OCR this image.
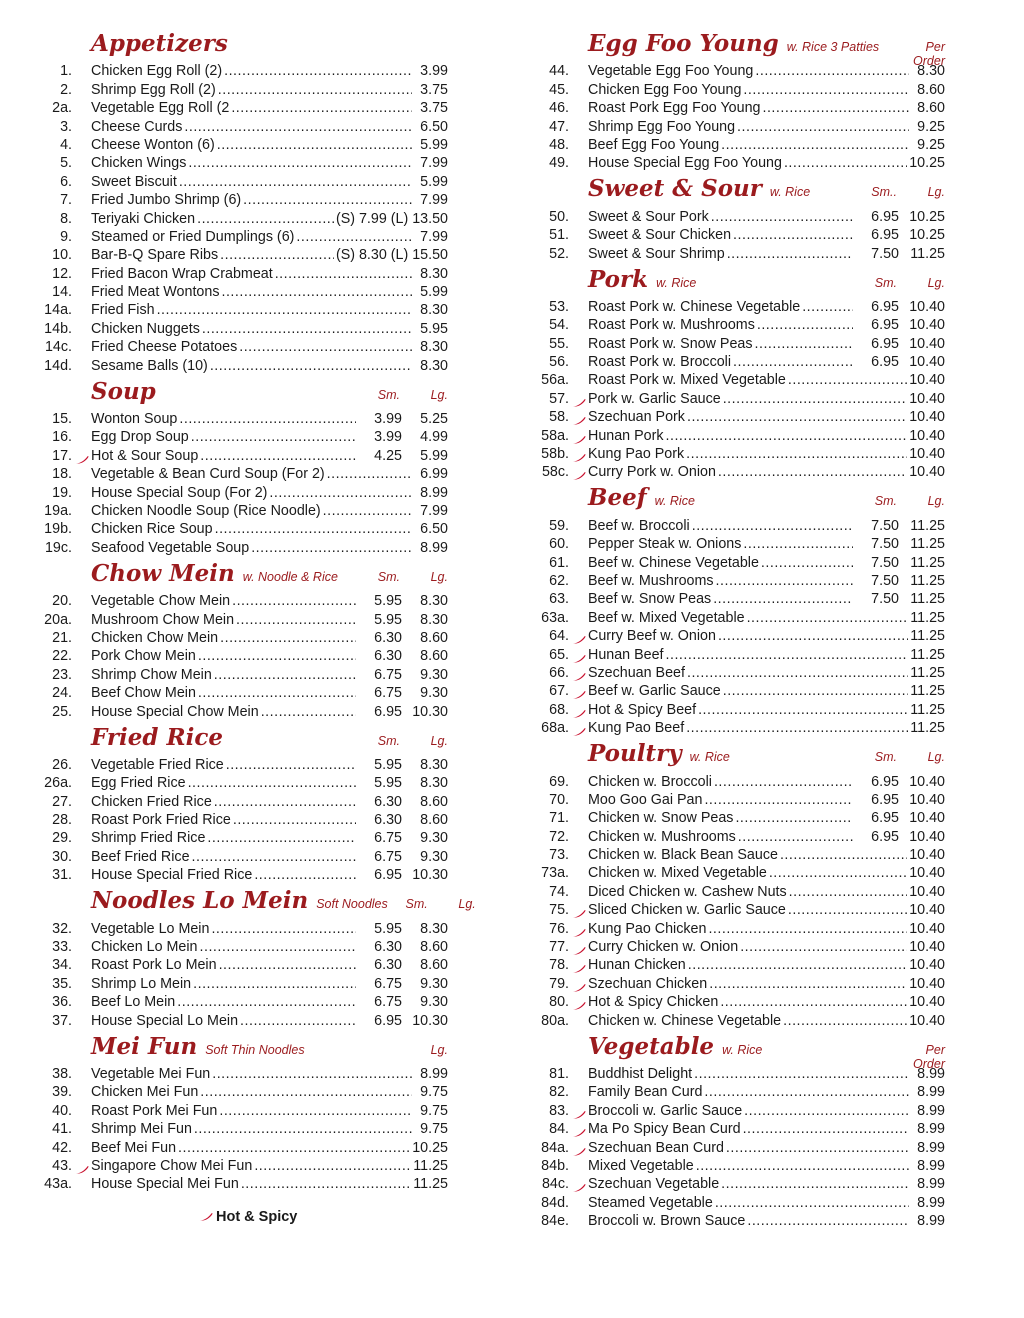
Appetizers
1. Chicken Egg Roll (2) .....	3.99
2. Shrimp Egg Roll (2) .....	3.75
2a. Vegetable Egg Roll (2 .....	3.75
3. Cheese Curds .....	6.50
4. Cheese Wonton (6) .....	5.99
5. Chicken Wings .....	7.99
6. Sweet Biscuit .....	5.99
7. Fried Jumbo Shrimp (6) .....	7.99
8. Teriyaki Chicken .....	(S) 7.99 (L) 13.50
9. Steamed or Fried Dumplings (6) .....	7.99
10. Bar-B-Q Spare Ribs .....	(S) 8.30 (L) 15.50
12. Fried Bacon Wrap Crabmeat .....	8.30
14. Fried Meat Wontons .....	5.99
14a. Fried Fish .....	8.30
14b. Chicken Nuggets .....	5.95
14c. Fried Cheese Potatoes .....	8.30
14d. Sesame Balls (10) .....	8.30
Soup	Sm.	Lg.
15. Wonton Soup .....	3.99	5.25
16. Egg Drop Soup .....	3.99	4.99
17. Hot & Sour Soup .....	4.25	5.99
18. Vegetable & Bean Curd Soup (For 2) .....	6.99
19. House Special Soup (For 2) .....	8.99
19a. Chicken Noodle Soup (Rice Noodle) .....	7.99
19b. Chicken Rice Soup .....	6.50
19c. Seafood Vegetable Soup .....	8.99
Chow Mein w. Noodle & Rice	Sm.	Lg.
20. Vegetable Chow Mein .....	5.95	8.30
20a. Mushroom Chow Mein .....	5.95	8.30
21. Chicken Chow Mein .....	6.30	8.60
22. Pork Chow Mein .....	6.30	8.60
23. Shrimp Chow Mein .....	6.75	9.30
24. Beef Chow Mein .....	6.75	9.30
25. House Special Chow Mein .....	6.95 10.30
Fried Rice	Sm.	Lg.
26. Vegetable Fried Rice .....	5.95	8.30
26a. Egg Fried Rice .....	5.95	8.30
27. Chicken Fried Rice .....	6.30	8.60
28. Roast Pork Fried Rice .....	6.30	8.60
29. Shrimp Fried Rice .....	6.75	9.30
30. Beef Fried Rice .....	6.75	9.30
31. House Special Fried Rice .....	6.95 10.30
Noodles Lo Mein Soft Noodles	Sm.	Lg.
32. Vegetable Lo Mein .....	5.95	8.30
33. Chicken Lo Mein .....	6.30	8.60
34. Roast Pork Lo Mein .....	6.30	8.60
35. Shrimp Lo Mein .....	6.75	9.30
36. Beef Lo Mein .....	6.75	9.30
37. House Special Lo Mein .....	6.95 10.30
Mei Fun Soft Thin Noodles	Lg.
38. Vegetable Mei Fun .....	8.99
39. Chicken Mei Fun .....	9.75
40. Roast Pork Mei Fun .....	9.75
41. Shrimp Mei Fun .....	9.75
42. Beef Mei Fun .....	10.25
43. Singapore Chow Mei Fun .....	11.25
43a. House Special Mei Fun .....	11.25
Egg Foo Young w. Rice 3 Patties	Per Order
44. Vegetable Egg Foo Young .....	8.30
45. Chicken Egg Foo Young .....	8.60
46. Roast Pork Egg Foo Young .....	8.60
47. Shrimp Egg Foo Young .....	9.25
48. Beef Egg Foo Young .....	9.25
49. House Special Egg Foo Young .....	10.25
Sweet & Sour w. Rice	Sm..	Lg.
50. Sweet & Sour Pork .....	6.95 10.25
51. Sweet & Sour Chicken .....	6.95 10.25
52. Sweet & Sour Shrimp .....	7.50 11.25
Pork w. Rice	Sm.	Lg.
53. Roast Pork w. Chinese Vegetable .....	6.95 10.40
54. Roast Pork w. Mushrooms .....	6.95 10.40
55. Roast Pork w. Snow Peas .....	6.95 10.40
56. Roast Pork w. Broccoli .....	6.95 10.40
56a. Roast Pork w. Mixed Vegetable .....	10.40
57. Pork w. Garlic Sauce .....	10.40
58. Szechuan Pork .....	10.40
58a. Hunan Pork .....	10.40
58b. Kung Pao Pork .....	10.40
58c. Curry Pork w. Onion .....	10.40
Beef w. Rice	Sm.	Lg.
59. Beef w. Broccoli .....	7.50 11.25
60. Pepper Steak w. Onions .....	7.50 11.25
61. Beef w. Chinese Vegetable .....	7.50 11.25
62. Beef w. Mushrooms .....	7.50 11.25
63. Beef w. Snow Peas .....	7.50 11.25
63a. Beef w. Mixed Vegetable .....	11.25
64. Curry Beef w. Onion .....	11.25
65. Hunan Beef .....	11.25
66. Szechuan Beef .....	11.25
67. Beef w. Garlic Sauce .....	11.25
68. Hot & Spicy Beef .....	11.25
68a. Kung Pao Beef .....	11.25
Poultry w. Rice	Sm.	Lg.
69. Chicken w. Broccoli .....	6.95 10.40
70. Moo Goo Gai Pan .....	6.95 10.40
71. Chicken w. Snow Peas .....	6.95 10.40
72. Chicken w. Mushrooms .....	6.95 10.40
73. Chicken w. Black Bean Sauce .....	10.40
73a. Chicken w. Mixed Vegetable .....	10.40
74. Diced Chicken w. Cashew Nuts .....	10.40
75. Sliced Chicken w. Garlic Sauce .....	10.40
76. Kung Pao Chicken .....	10.40
77. Curry Chicken w. Onion .....	10.40
78. Hunan Chicken .....	10.40
79. Szechuan Chicken .....	10.40
80. Hot & Spicy Chicken .....	10.40
80a. Chicken w. Chinese Vegetable .....	10.40
Vegetable w. Rice	Per Order
81. Buddhist Delight .....	8.99
82. Family Bean Curd .....	8.99
83. Broccoli w. Garlic Sauce .....	8.99
84. Ma Po Spicy Bean Curd .....	8.99
84a. Szechuan Bean Curd .....	8.99
84b. Mixed Vegetable .....	8.99
84c. Szechuan Vegetable .....	8.99
84d. Steamed Vegetable .....	8.99
84e. Broccoli w. Brown Sauce .....	8.99
Hot & Spicy
